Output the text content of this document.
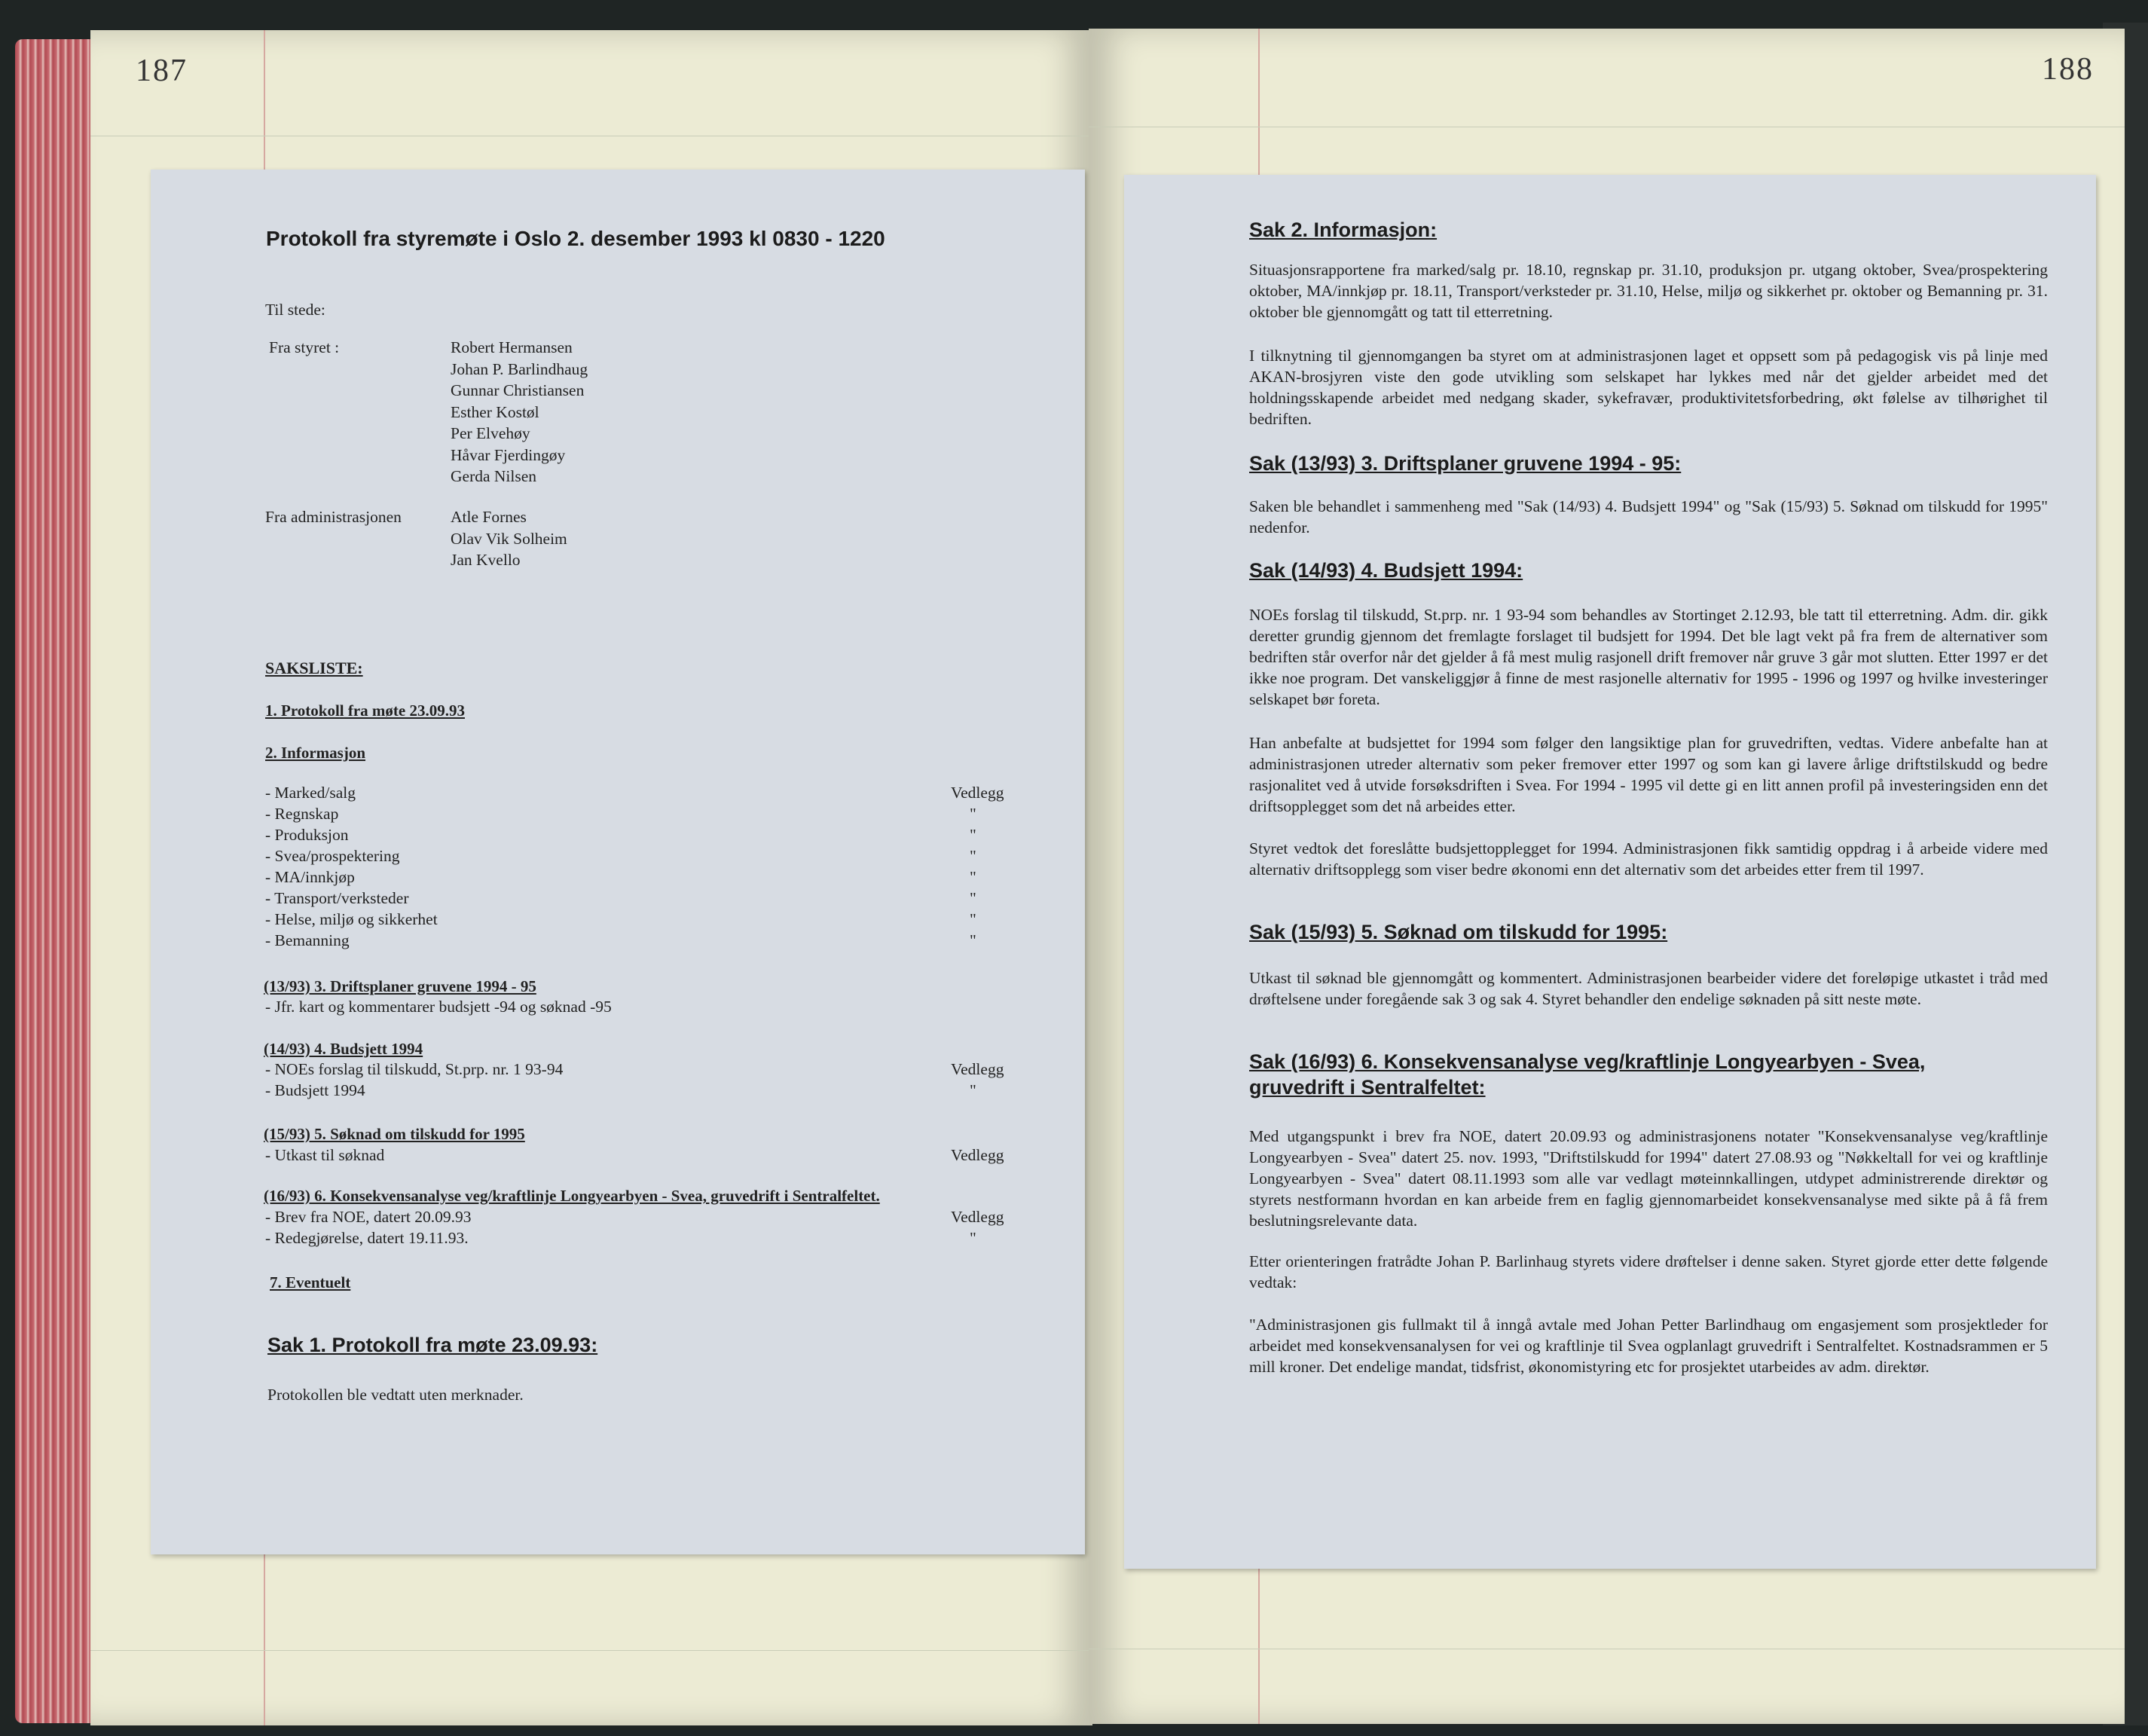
187	188
Protokoll fra styremøte i Oslo 2. desember 1993 kl 0830 - 1220
Til stede:
Fra styret :	Robert Hermansen
Johan P. Barlindhaug
Gunnar Christiansen
Esther Kostøl
Per Elvehøy
Håvar Fjerdingøy
Gerda Nilsen
Fra administrasjonen	Atle Fornes
Olav Vik Solheim
Jan Kvello
SAKSLISTE:
1. Protokoll fra møte 23.09.93
2. Informasjon
- Marked/salg	Vedlegg
- Regnskap	"
- Produksjon	"
- Svea/prospektering	"
- MA/innkjøp	"
- Transport/verksteder	"
- Helse, miljø og sikkerhet	"
- Bemanning	"
(13/93) 3. Driftsplaner gruvene 1994 - 95
- Jfr. kart og kommentarer budsjett -94 og søknad -95
(14/93) 4. Budsjett 1994
- NOEs forslag til tilskudd, St.prp. nr. 1 93-94	Vedlegg
- Budsjett 1994	"
(15/93) 5. Søknad om tilskudd for 1995
- Utkast til søknad	Vedlegg
(16/93) 6. Konsekvensanalyse veg/kraftlinje Longyearbyen - Svea, gruvedrift i Sentralfeltet.
- Brev fra NOE, datert 20.09.93	Vedlegg
- Redegjørelse, datert 19.11.93.	"
7. Eventuelt
Sak 1. Protokoll fra møte 23.09.93:
Protokollen ble vedtatt uten merknader.
Sak 2. Informasjon:
Situasjonsrapportene fra marked/salg pr. 18.10, regnskap pr. 31.10, produksjon pr. utgang oktober, Svea/prospektering oktober, MA/innkjøp pr. 18.11, Transport/verksteder pr. 31.10, Helse, miljø og sikkerhet pr. oktober og Bemanning pr. 31. oktober ble gjennomgått og tatt til etterretning.
I tilknytning til gjennomgangen ba styret om at administrasjonen laget et oppsett som på pedagogisk vis på linje med AKAN-brosjyren viste den gode utvikling som selskapet har lykkes med når det gjelder arbeidet med det holdningsskapende arbeidet med nedgang skader, sykefravær, produktivitetsforbedring, økt følelse av tilhørighet til bedriften.
Sak (13/93) 3. Driftsplaner gruvene 1994 - 95:
Saken ble behandlet i sammenheng med "Sak (14/93) 4. Budsjett 1994" og "Sak (15/93) 5. Søknad om tilskudd for 1995" nedenfor.
Sak (14/93) 4. Budsjett 1994:
NOEs forslag til tilskudd, St.prp. nr. 1 93-94 som behandles av Stortinget 2.12.93, ble tatt til etterretning. Adm. dir. gikk deretter grundig gjennom det fremlagte forslaget til budsjett for 1994. Det ble lagt vekt på fra frem de alternativer som bedriften står overfor når det gjelder å få mest mulig rasjonell drift fremover når gruve 3 går mot slutten. Etter 1997 er det ikke noe program. Det vanskeliggjør å finne de mest rasjonelle alternativ for 1995 - 1996 og 1997 og hvilke investeringer selskapet bør foreta.
Han anbefalte at budsjettet for 1994 som følger den langsiktige plan for gruvedriften, vedtas. Videre anbefalte han at administrasjonen utreder alternativ som peker fremover etter 1997 og som kan gi lavere årlige driftstilskudd og bedre rasjonalitet ved å utvide forsøksdriften i Svea. For 1994 - 1995 vil dette gi en litt annen profil på investeringsiden enn det driftsopplegget som det nå arbeides etter.
Styret vedtok det foreslåtte budsjettopplegget for 1994. Administrasjonen fikk samtidig oppdrag i å arbeide videre med alternativ driftsopplegg som viser bedre økonomi enn det alternativ som det arbeides etter frem til 1997.
Sak (15/93) 5. Søknad om tilskudd for 1995:
Utkast til søknad ble gjennomgått og kommentert. Administrasjonen bearbeider videre det foreløpige utkastet i tråd med drøftelsene under foregående sak 3 og sak 4. Styret behandler den endelige søknaden på sitt neste møte.
Sak (16/93) 6. Konsekvensanalyse veg/kraftlinje Longyearbyen - Svea,
gruvedrift i Sentralfeltet:
Med utgangspunkt i brev fra NOE, datert 20.09.93 og administrasjonens notater "Konsekvensanalyse veg/kraftlinje Longyearbyen - Svea" datert 25. nov. 1993, "Driftstilskudd for 1994" datert 27.08.93 og "Nøkkeltall for vei og kraftlinje Longyearbyen - Svea" datert 08.11.1993 som alle var vedlagt møteinnkallingen, utdypet administrerende direktør og styrets nestformann hvordan en kan arbeide frem en faglig gjennomarbeidet konsekvensanalyse med sikte på å få frem beslutningsrelevante data.
Etter orienteringen fratrådte Johan P. Barlinhaug styrets videre drøftelser i denne saken. Styret gjorde etter dette følgende vedtak:
"Administrasjonen gis fullmakt til å inngå avtale med Johan Petter Barlindhaug om engasjement som prosjektleder for arbeidet med konsekvensanalysen for vei og kraftlinje til Svea ogplanlagt gruvedrift i Sentralfeltet. Kostnadsrammen er 5 mill kroner. Det endelige mandat, tidsfrist, økonomistyring etc for prosjektet utarbeides av adm. direktør.
